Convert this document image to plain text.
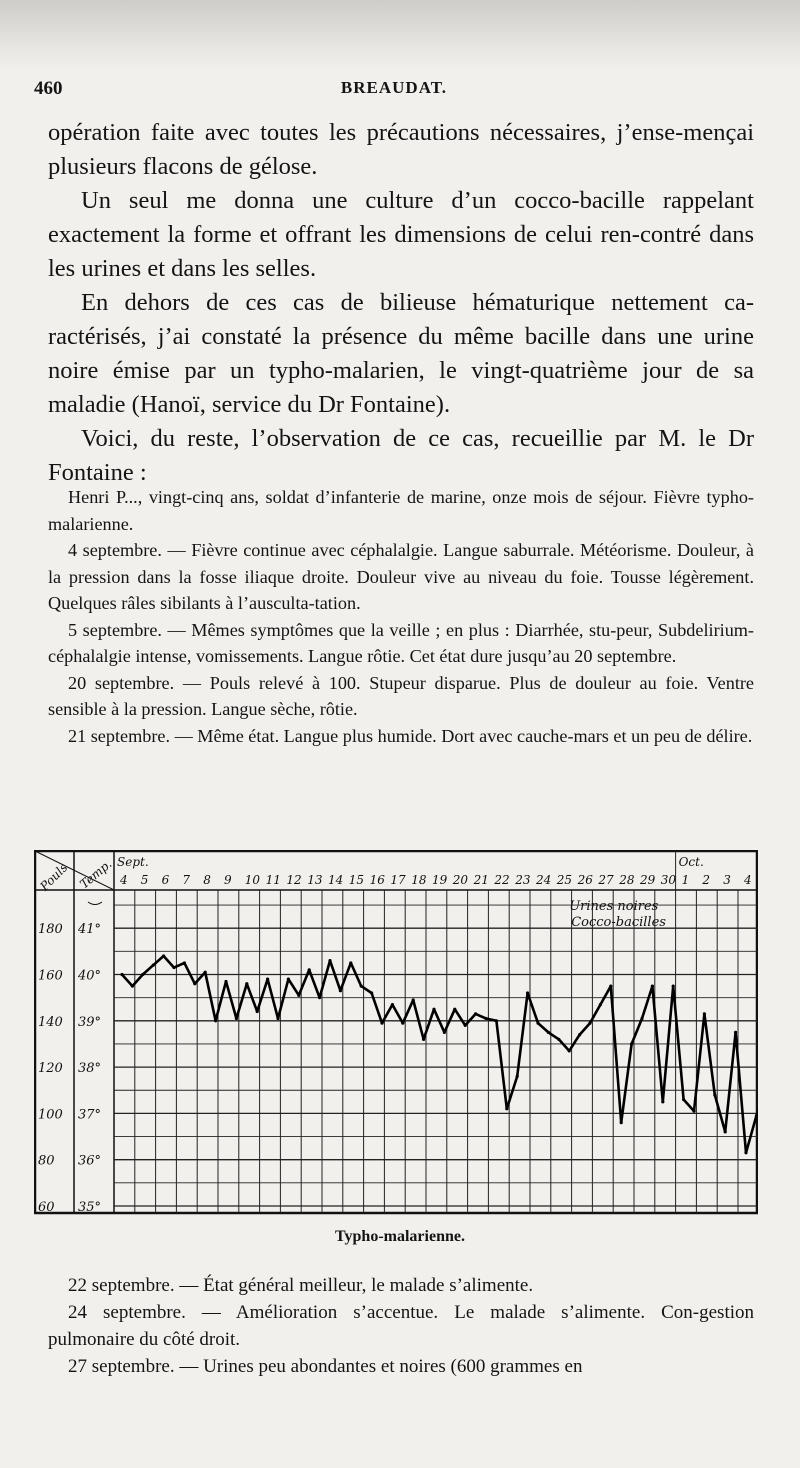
460	BREAUDAT.

opération faite avec toutes les précautions nécessaires, j’ense-menҫai plusieurs flacons de gélose.

Un seul me donna une culture d’un cocco-bacille rappelant exactement la forme et offrant les dimensions de celui ren-contré dans les urines et dans les selles.

En dehors de ces cas de bilieuse hématurique nettement ca-ractérisés, j’ai constaté la présence du même bacille dans une urine noire émise par un typho-malarien, le vingt-quatrième jour de sa maladie (Hanoï, service du Dr Fontaine).

Voici, du reste, l’observation de ce cas, recueillie par M. le Dr Fontaine :

Henri P..., vingt-cinq ans, soldat d’infanterie de marine, onze mois de séjour. Fièvre typho-malarienne.

4 septembre. — Fièvre continue avec céphalalgie. Langue saburrale. Météorisme. Douleur, à la pression dans la fosse iliaque droite. Douleur vive au niveau du foie. Tousse légèrement. Quelques râles sibilants à l’ausculta-tation.

5 septembre. — Mêmes symptômes que la veille ; en plus : Diarrhée, stu-peur, Subdelirium-céphalalgie intense, vomissements. Langue rôtie. Cet état dure jusqu’au 20 septembre.

20 septembre. — Pouls relevé à 100. Stupeur disparue. Plus de douleur au foie. Ventre sensible à la pression. Langue sèche, rôtie.

21 septembre. — Même état. Langue plus humide. Dort avec cauche-mars et un peu de délire.

4 5 6 7 8 9 10 11 12 13 14 15 16 17 18 19 20 21 22 23 24 25 26 27 28 29 30 1 2 3 4
Sept.	Oct.
Pouls Temp.
41°
180
40°
160
39°
140
38°
120
37°
100
36°
80
35°
60
Urines noires
Cocco-bacilles
Typho-malarienne.

22 septembre. — État général meilleur, le malade s’alimente.

24 septembre. — Amélioration s’accentue. Le malade s’alimente. Con-gestion pulmonaire du côté droit.

27 septembre. — Urines peu abondantes et noires (600 grammes en
